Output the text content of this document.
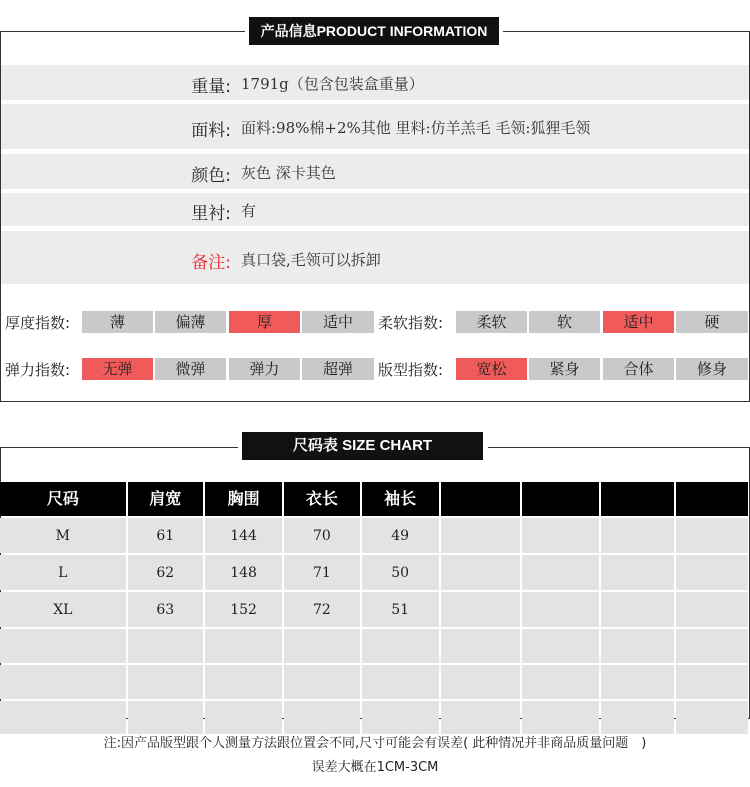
产品信息PRODUCT INFORMATION
重量: 1791g（包含包装盒重量）
面料: 面料:98%棉+2%其他 里料:仿羊羔毛 毛领:狐狸毛领
颜色: 灰色 深卡其色
里衬: 有
备注: 真口袋,毛领可以拆卸
厚度指数:	薄	偏薄	厚	适中	柔软指数:	柔软	软	适中	硬
弹力指数:	无弹	微弹	弹力	超弹	版型指数:	宽松	紧身	合体	修身
尺码表 SIZE CHART
尺码	肩宽	胸围	衣长	袖长				
M	61	144	70	49				
L	62	148	71	50				
XL	63	152	72	51				

注:因产品版型跟个人测量方法跟位置会不同,尺寸可能会有误差( 此种情况并非商品质量问题　)
误差大概在1CM-3CM
